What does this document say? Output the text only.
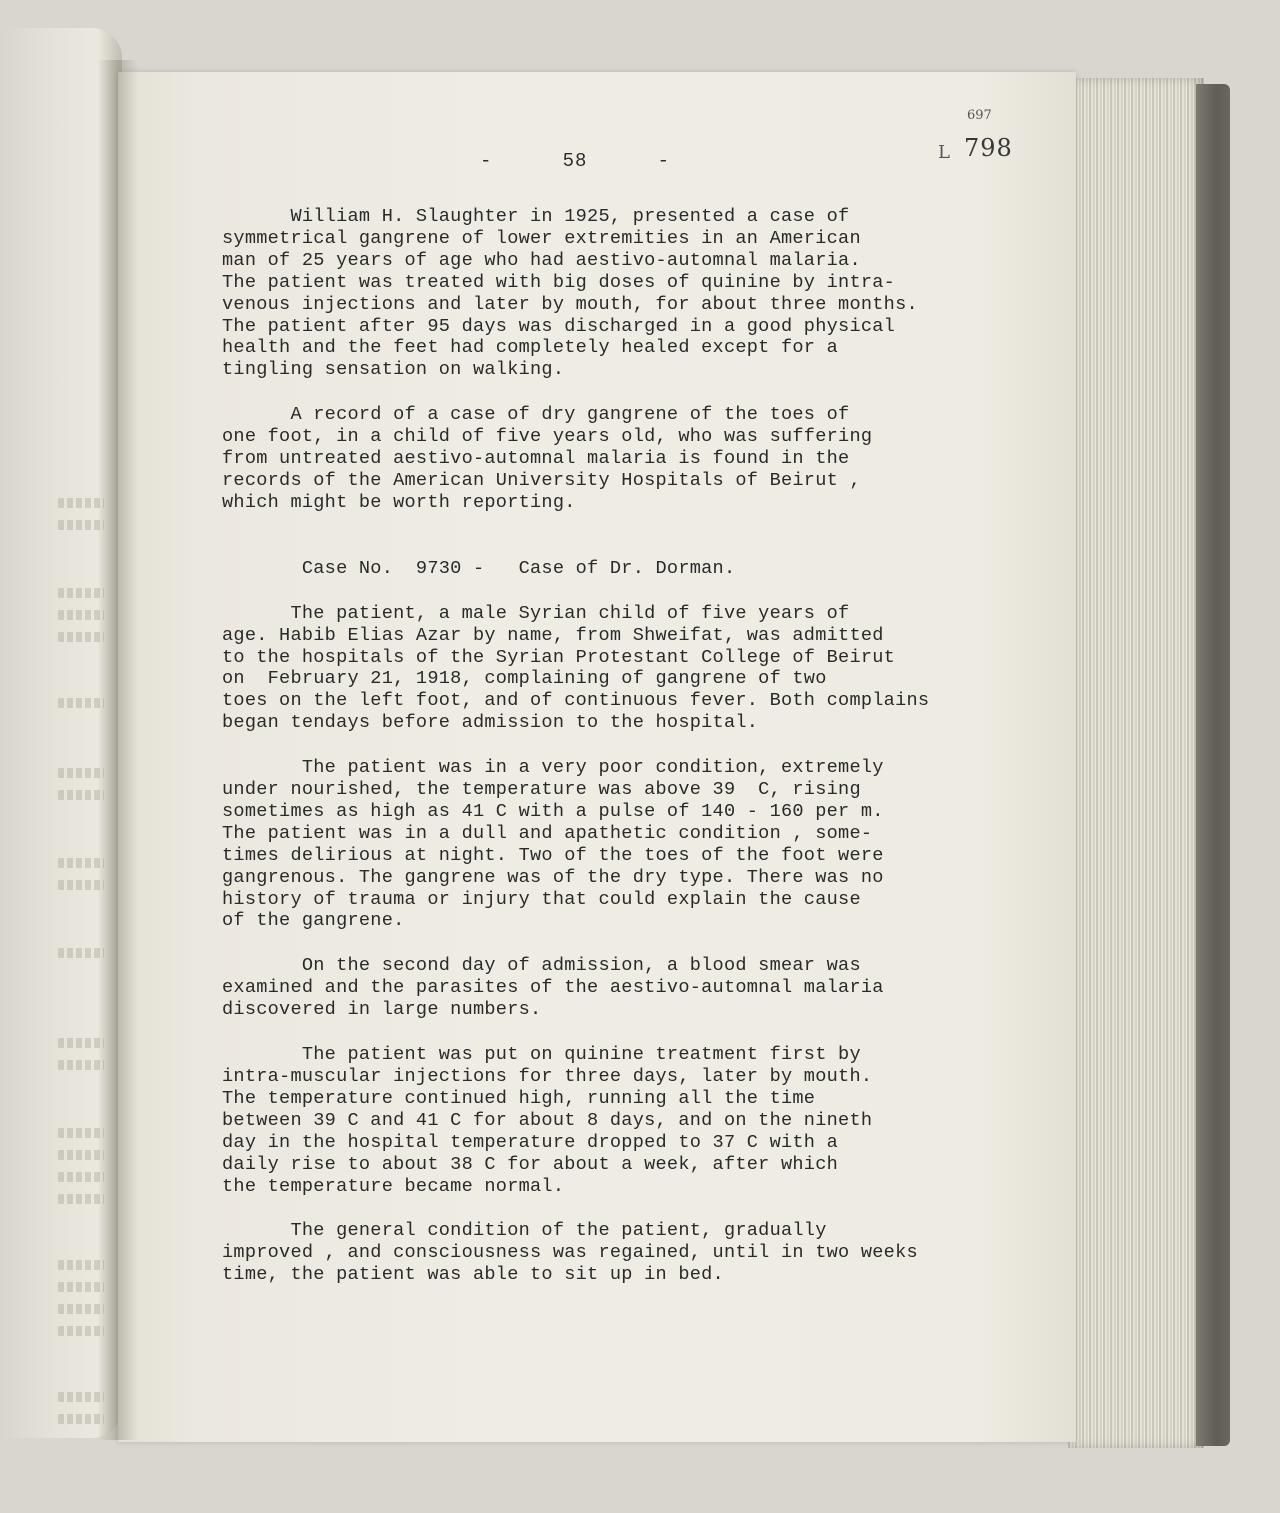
-	58	-
697
L 798
William H. Slaughter in 1925, presented a case of
symmetrical gangrene of lower extremities in an American
man of 25 years of age who had aestivo-automnal malaria.
The patient was treated with big doses of quinine by intra-
venous injections and later by mouth, for about three months.
The patient after 95 days was discharged in a good physical
health and the feet had completely healed except for a
tingling sensation on walking.
A record of a case of dry gangrene of the toes of
one foot, in a child of five years old, who was suffering
from untreated aestivo-automnal malaria is found in the
records of the American University Hospitals of Beirut ,
which might be worth reporting.
Case No.  9730 -   Case of Dr. Dorman.
The patient, a male Syrian child of five years of
age. Habib Elias Azar by name, from Shweifat, was admitted
to the hospitals of the Syrian Protestant College of Beirut
on  February 21, 1918, complaining of gangrene of two
toes on the left foot, and of continuous fever. Both complains
began tendays before admission to the hospital.
The patient was in a very poor condition, extremely
under nourished, the temperature was above 39  C, rising
sometimes as high as 41 C with a pulse of 140 - 160 per m.
The patient was in a dull and apathetic condition , some-
times delirious at night. Two of the toes of the foot were
gangrenous. The gangrene was of the dry type. There was no
history of trauma or injury that could explain the cause
of the gangrene.
On the second day of admission, a blood smear was
examined and the parasites of the aestivo-automnal malaria
discovered in large numbers.
The patient was put on quinine treatment first by
intra-muscular injections for three days, later by mouth.
The temperature continued high, running all the time
between 39 C and 41 C for about 8 days, and on the nineth
day in the hospital temperature dropped to 37 C with a
daily rise to about 38 C for about a week, after which
the temperature became normal.
The general condition of the patient, gradually
improved , and consciousness was regained, until in two weeks
time, the patient was able to sit up in bed.
